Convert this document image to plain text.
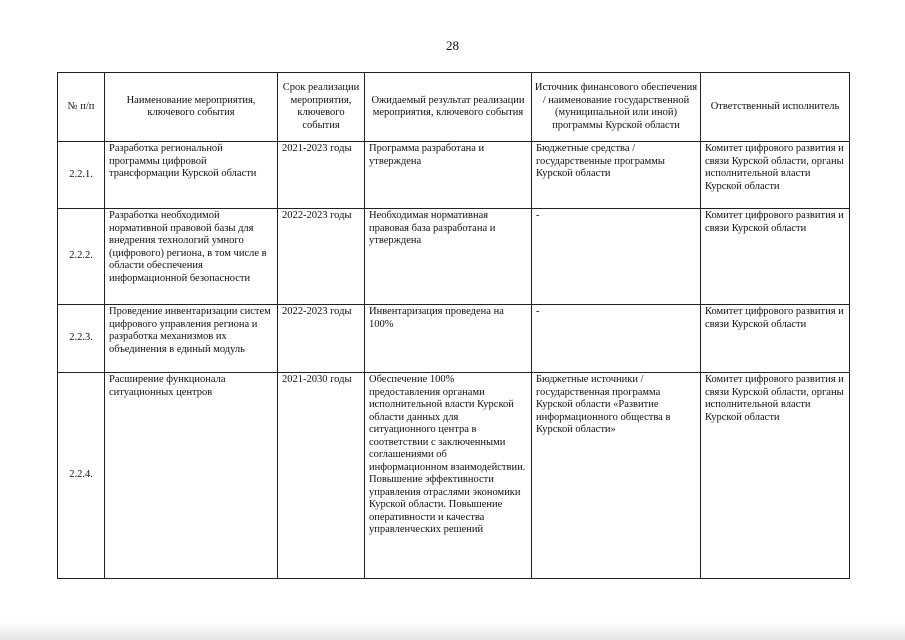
28
№ п/п	Наименование мероприятия, ключевого события	Срок реализации мероприятия, ключевого события	Ожидаемый результат реализации мероприятия, ключевого события	Источник финансового обеспечения / наименование государственной (муниципальной или иной) программы Курской области	Ответственный исполнитель
2.2.1.	Разработка региональной программы цифровой трансформации Курской области	2021-2023 годы	Программа разработана и утверждена	Бюджетные средства / государственные программы Курской области	Комитет цифрового развития и связи Курской области, органы исполнительной власти Курской области
2.2.2.	Разработка необходимой нормативной правовой базы для внедрения технологий умного (цифрового) региона, в том числе в области обеспечения информационной безопасности	2022-2023 годы	Необходимая нормативная правовая база разработана и утверждена	-	Комитет цифрового развития и связи Курской области
2.2.3.	Проведение инвентаризации систем цифрового управления региона и разработка механизмов их объединения в единый модуль	2022-2023 годы	Инвентаризация проведена на 100%	-	Комитет цифрового развития и связи Курской области
2.2.4.	Расширение функционала ситуационных центров	2021-2030 годы	Обеспечение 100% предоставления органами исполнительной власти Курской области данных для ситуационного центра в соответствии с заключенными соглашениями об информационном взаимодействии. Повышение эффективности управления отраслями экономики Курской области. Повышение оперативности и качества управленческих решений	Бюджетные источники / государственная программа Курской области «Развитие информационного общества в Курской области»	Комитет цифрового развития и связи Курской области, органы исполнительной власти Курской области
